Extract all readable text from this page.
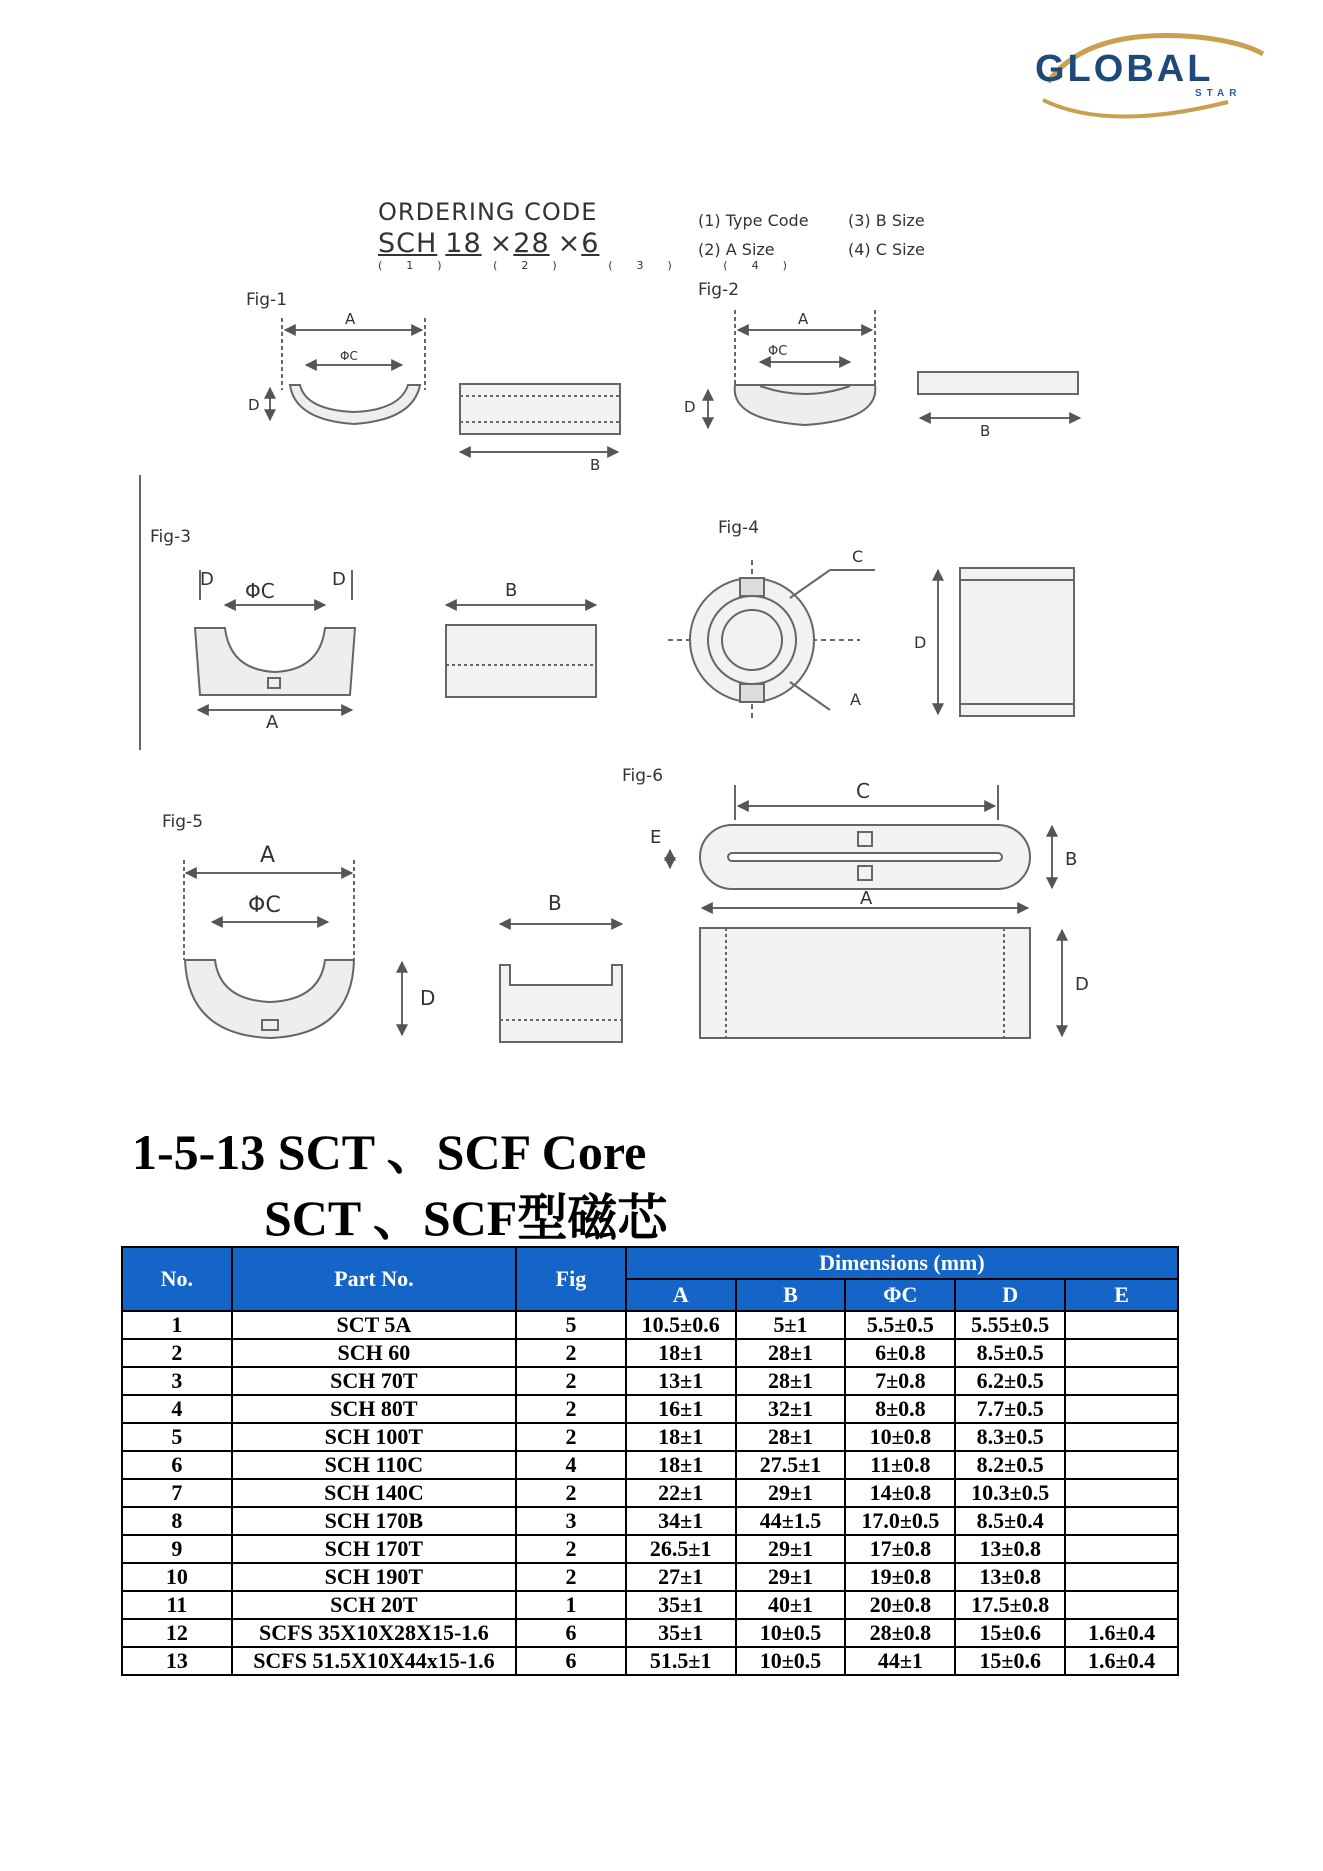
GLOBAL
STAR
ORDERING CODE
SCH 18 ×28 ×6
(1)	(2)	(3)	(4)
(1) Type Code	(3) B Size
(2) A Size	(4) C Size
Fig-1	Fig-2
Fig-3	Fig-4
Fig-5
Fig-6
A
ΦC
D
B
A
ΦC
D
B
ΦC
D	D
A
B
C
A
D
A
ΦC
D
B
C
E
B
A
D
1-5-13 SCT 、SCF Core
SCT 、SCF型磁芯
No.	Part No.	Fig	Dimensions (mm)				
			A	B	ΦC	D	E
1	SCT 5A	5	10.5±0.6	5±1	5.5±0.5	5.55±0.5	
2	SCH 60	2	18±1	28±1	6±0.8	8.5±0.5	
3	SCH 70T	2	13±1	28±1	7±0.8	6.2±0.5	
4	SCH 80T	2	16±1	32±1	8±0.8	7.7±0.5	
5	SCH 100T	2	18±1	28±1	10±0.8	8.3±0.5	
6	SCH 110C	4	18±1	27.5±1	11±0.8	8.2±0.5	
7	SCH 140C	2	22±1	29±1	14±0.8	10.3±0.5	
8	SCH 170B	3	34±1	44±1.5	17.0±0.5	8.5±0.4	
9	SCH 170T	2	26.5±1	29±1	17±0.8	13±0.8	
10	SCH 190T	2	27±1	29±1	19±0.8	13±0.8	
11	SCH 20T	1	35±1	40±1	20±0.8	17.5±0.8	
12	SCFS 35X10X28X15-1.6	6	35±1	10±0.5	28±0.8	15±0.6	1.6±0.4
13	SCFS 51.5X10X44x15-1.6	6	51.5±1	10±0.5	44±1	15±0.6	1.6±0.4
